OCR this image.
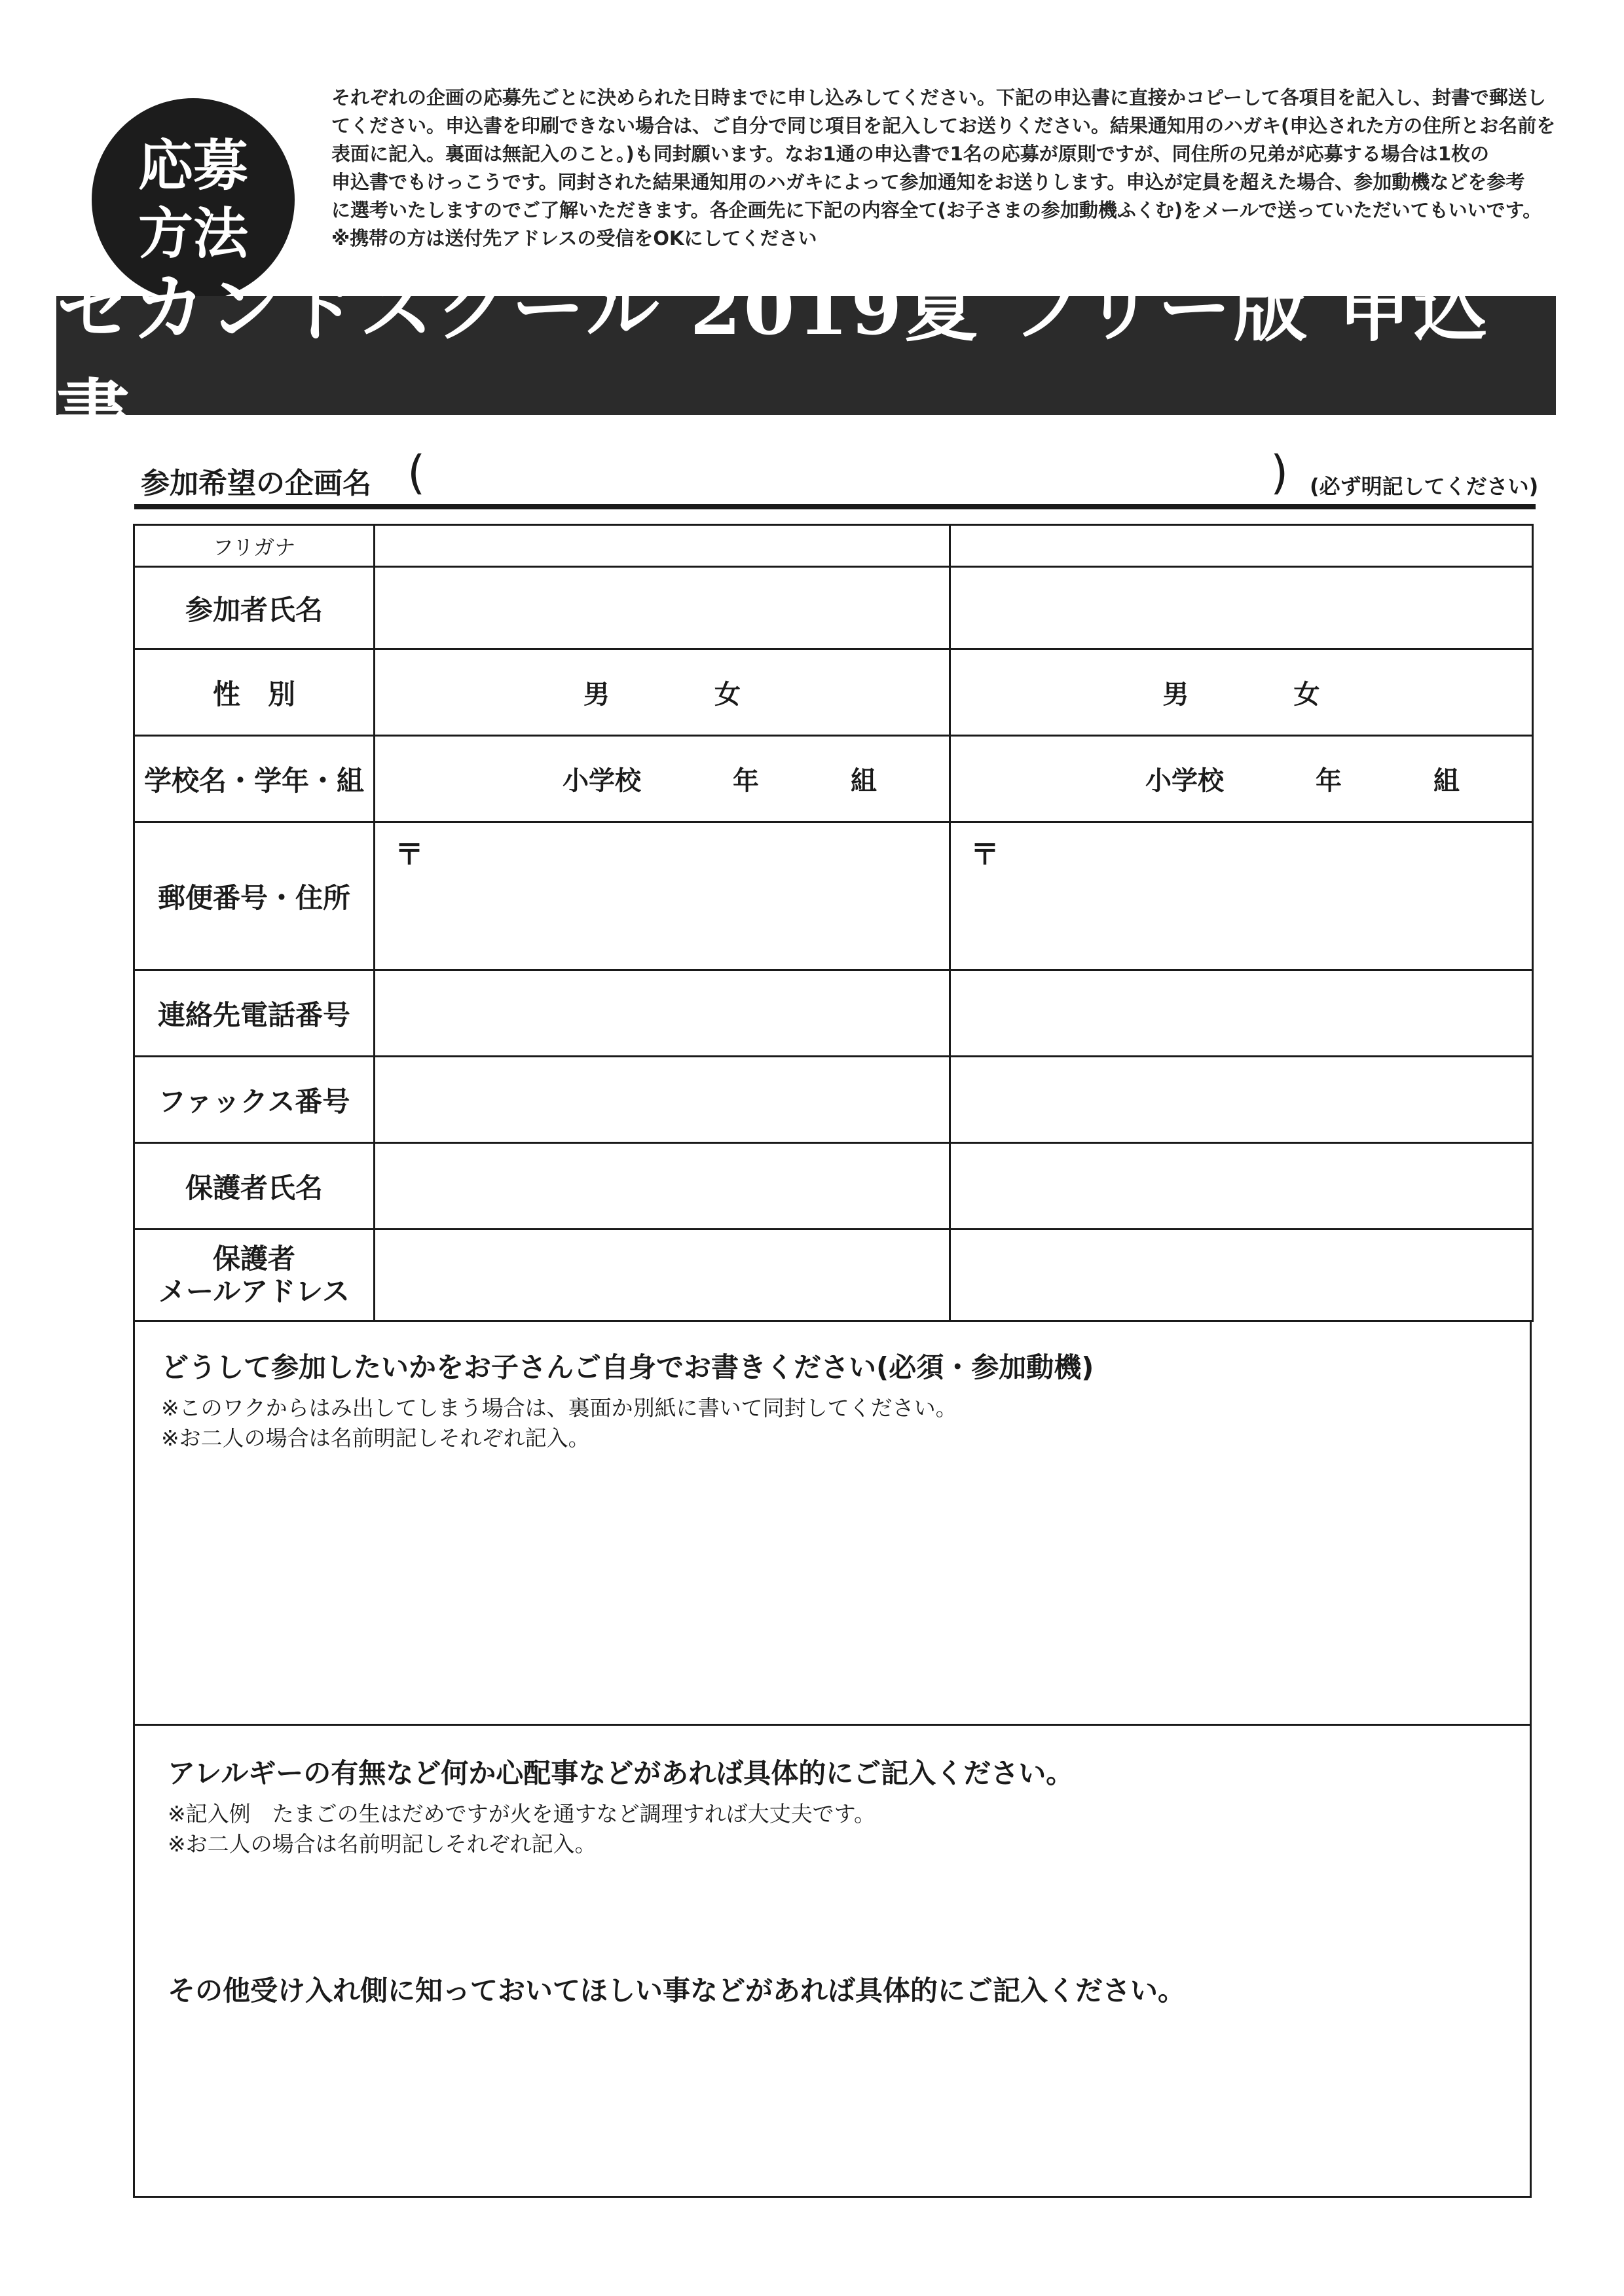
応募
方法

それぞれの企画の応募先ごとに決められた日時までに申し込みしてください。下記の申込書に直接かコピーして各項目を記入し、封書で郵送し

てください。申込書を印刷できない場合は、ご自分で同じ項目を記入してお送りください。結果通知用のハガキ(申込された方の住所とお名前を

表面に記入。裏面は無記入のこと。)も同封願います。なお1通の申込書で1名の応募が原則ですが、同住所の兄弟が応募する場合は1枚の

申込書でもけっこうです。同封された結果通知用のハガキによって参加通知をお送りします。申込が定員を超えた場合、参加動機などを参考

に選考いたしますのでご了解いただきます。各企画先に下記の内容全て(お子さまの参加動機ふくむ)をメールで送っていただいてもいいです。

※携帯の方は送付先アドレスの受信をOKにしてください

セカンドスクール 2019夏 フリー版 申込書
参加希望の企画名 (	) (必ず明記してください)
フリガナ		
参加者氏名		
性　別	男 女	男 女
学校名・学年・組	小学校 年 組	小学校 年 組

郵便番号・住所	〒	〒
連絡先電話番号		
ファックス番号		
保護者氏名		

保護者
メールアドレス		

どうして参加したいかをお子さんご自身でお書きください(必須・参加動機)

※このワクからはみ出してしまう場合は、裏面か別紙に書いて同封してください。

※お二人の場合は名前明記しそれぞれ記入。

アレルギーの有無など何か心配事などがあれば具体的にご記入ください。

※記入例　たまごの生はだめですが火を通すなど調理すれば大丈夫です。

※お二人の場合は名前明記しそれぞれ記入。

その他受け入れ側に知っておいてほしい事などがあれば具体的にご記入ください。
